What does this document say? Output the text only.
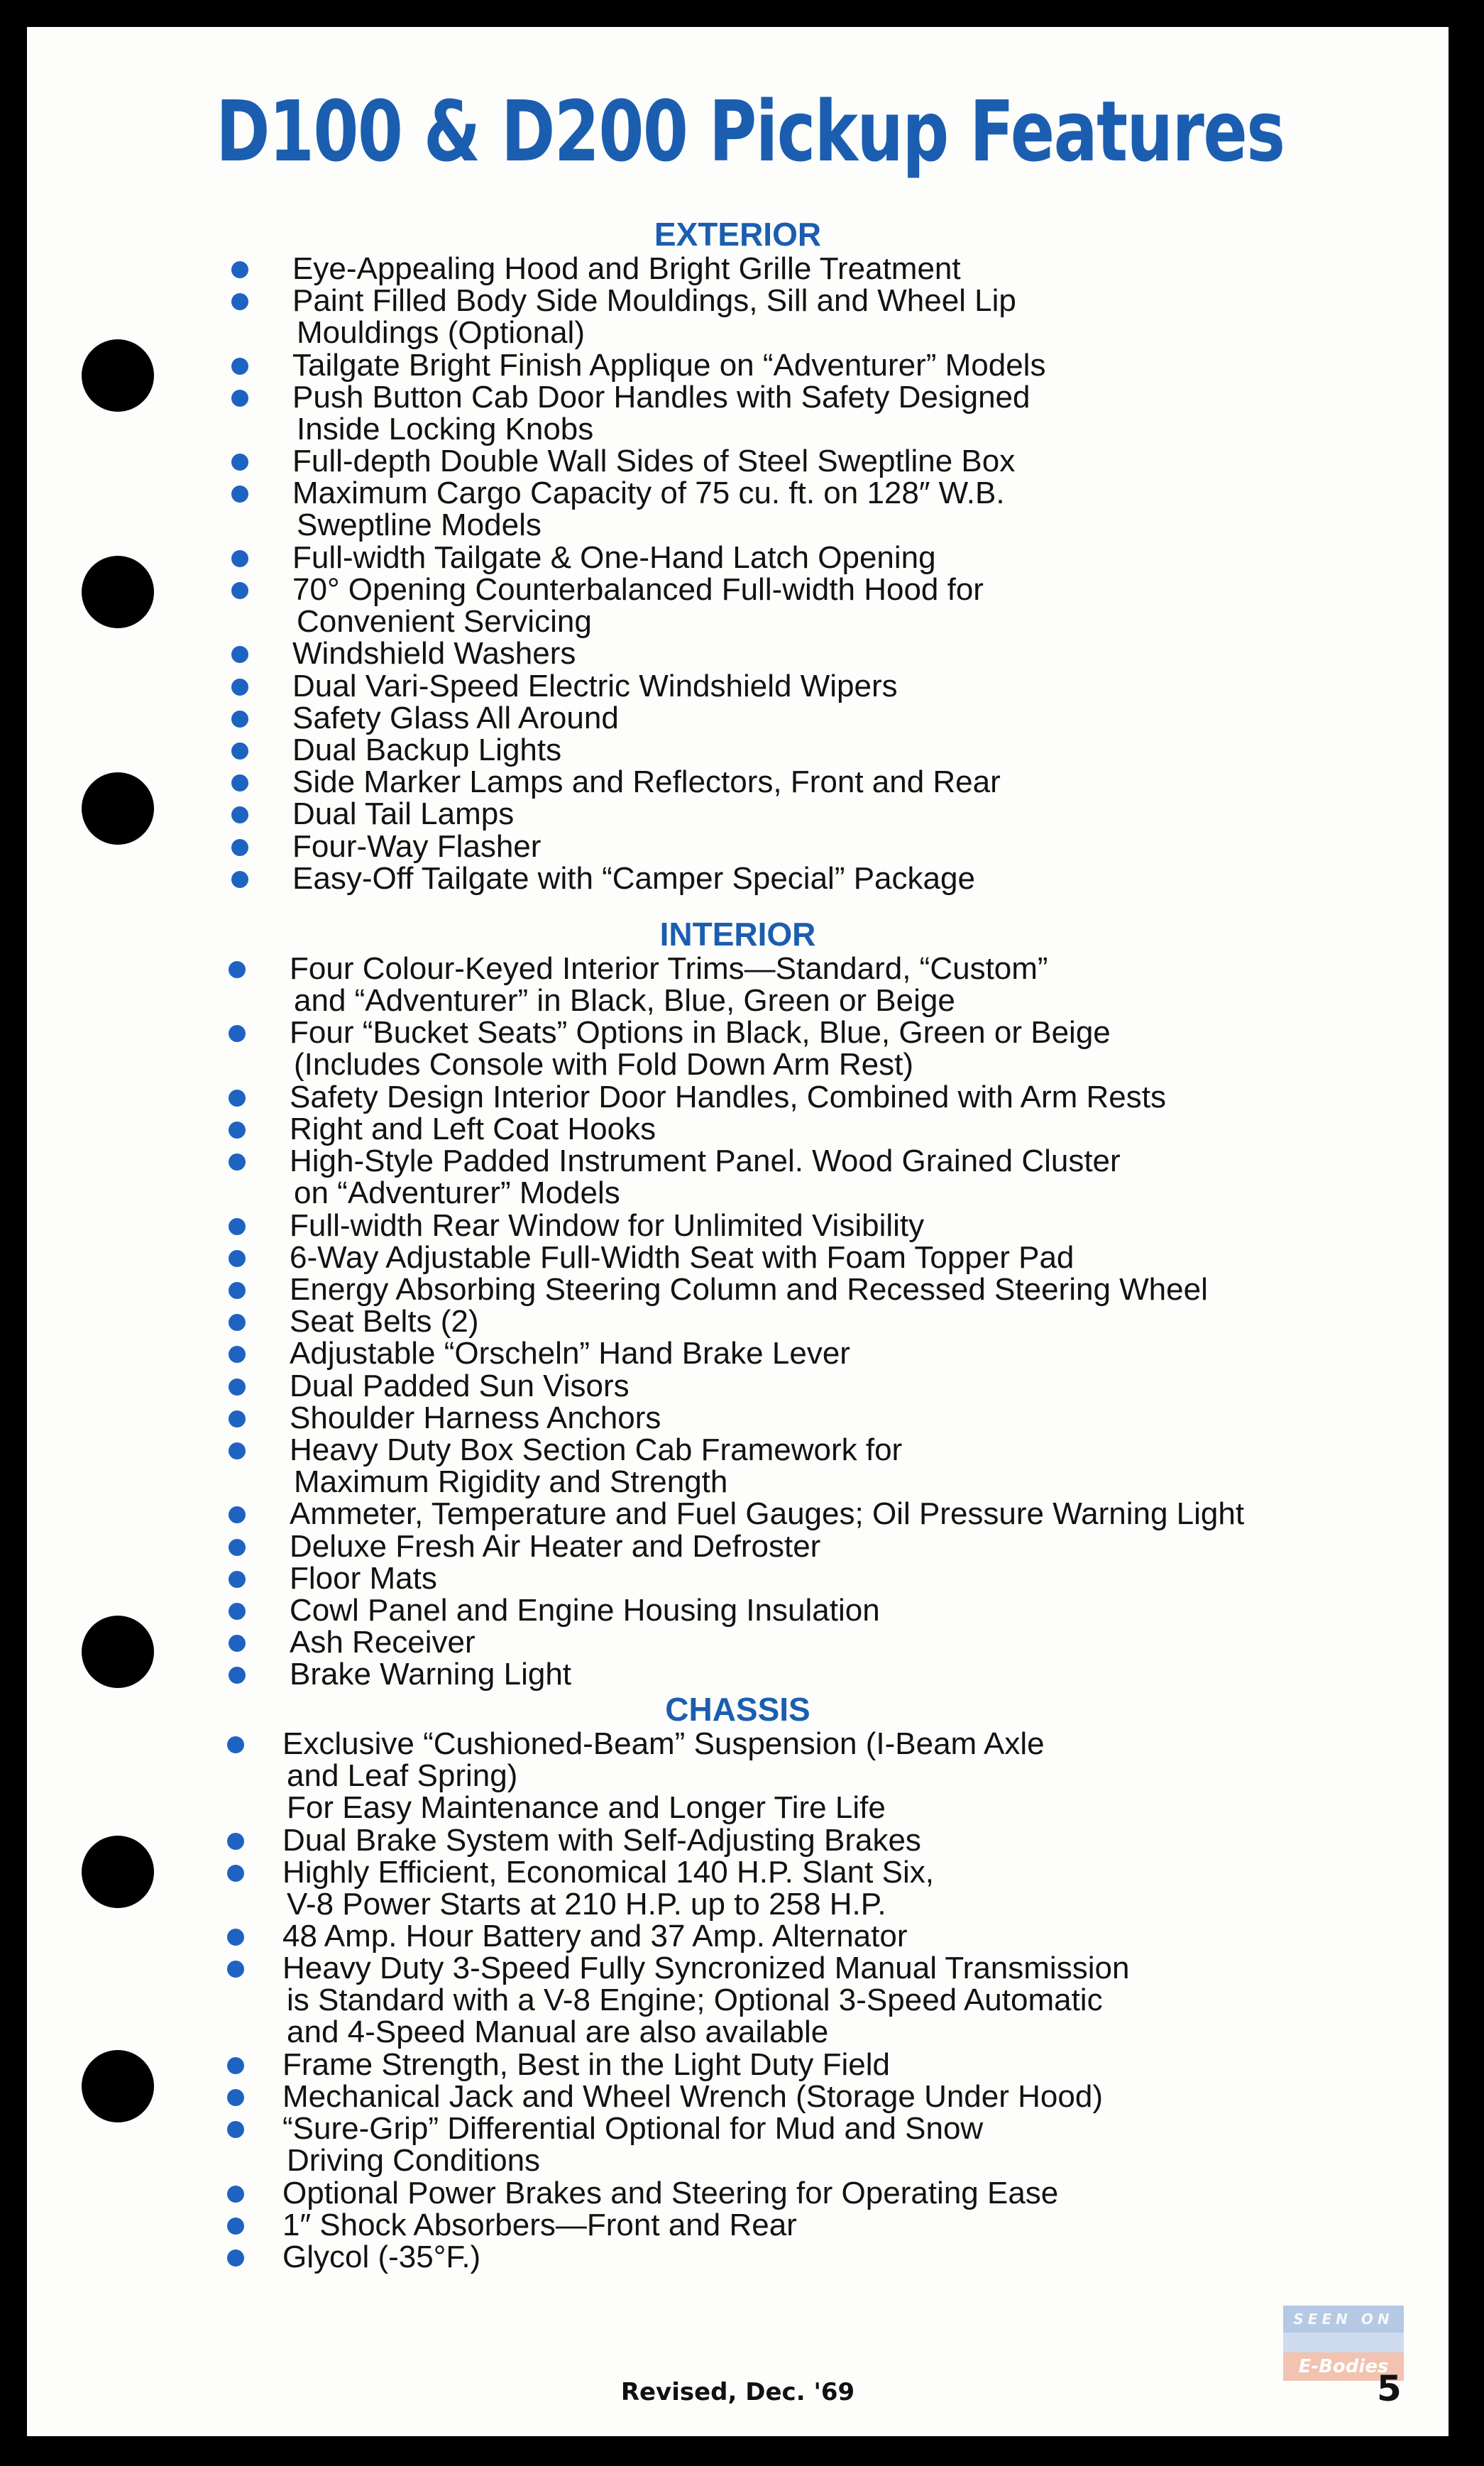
D100 & D200 Pickup Features
EXTERIOR
Eye-Appealing Hood and Bright Grille Treatment
Paint Filled Body Side Mouldings, Sill and Wheel Lip
Mouldings (Optional)
Tailgate Bright Finish Applique on “Adventurer” Models
Push Button Cab Door Handles with Safety Designed
Inside Locking Knobs
Full-depth Double Wall Sides of Steel Sweptline Box
Maximum Cargo Capacity of 75 cu. ft. on 128″ W.B.
Sweptline Models
Full-width Tailgate & One-Hand Latch Opening
70° Opening Counterbalanced Full-width Hood for
Convenient Servicing
Windshield Washers
Dual Vari-Speed Electric Windshield Wipers
Safety Glass All Around
Dual Backup Lights
Side Marker Lamps and Reflectors, Front and Rear
Dual Tail Lamps
Four-Way Flasher
Easy-Off Tailgate with “Camper Special” Package
INTERIOR
Four Colour-Keyed Interior Trims—Standard, “Custom”
and “Adventurer” in Black, Blue, Green or Beige
Four “Bucket Seats” Options in Black, Blue, Green or Beige
(Includes Console with Fold Down Arm Rest)
Safety Design Interior Door Handles, Combined with Arm Rests
Right and Left Coat Hooks
High-Style Padded Instrument Panel. Wood Grained Cluster
on “Adventurer” Models
Full-width Rear Window for Unlimited Visibility
6-Way Adjustable Full-Width Seat with Foam Topper Pad
Energy Absorbing Steering Column and Recessed Steering Wheel
Seat Belts (2)
Adjustable “Orscheln” Hand Brake Lever
Dual Padded Sun Visors
Shoulder Harness Anchors
Heavy Duty Box Section Cab Framework for
Maximum Rigidity and Strength
Ammeter, Temperature and Fuel Gauges; Oil Pressure Warning Light
Deluxe Fresh Air Heater and Defroster
Floor Mats
Cowl Panel and Engine Housing Insulation
Ash Receiver
Brake Warning Light
CHASSIS
Exclusive “Cushioned-Beam” Suspension (I-Beam Axle
and Leaf Spring)
For Easy Maintenance and Longer Tire Life
Dual Brake System with Self-Adjusting Brakes
Highly Efficient, Economical 140 H.P. Slant Six,
V-8 Power Starts at 210 H.P. up to 258 H.P.
48 Amp. Hour Battery and 37 Amp. Alternator
Heavy Duty 3-Speed Fully Syncronized Manual Transmission
is Standard with a V-8 Engine; Optional 3-Speed Automatic
and 4-Speed Manual are also available
Frame Strength, Best in the Light Duty Field
Mechanical Jack and Wheel Wrench (Storage Under Hood)
“Sure-Grip” Differential Optional for Mud and Snow
Driving Conditions
Optional Power Brakes and Steering for Operating Ease
1″ Shock Absorbers—Front and Rear
Glycol (-35°F.)
Revised, Dec. '69
SEEN ON
E-Bodies
5
